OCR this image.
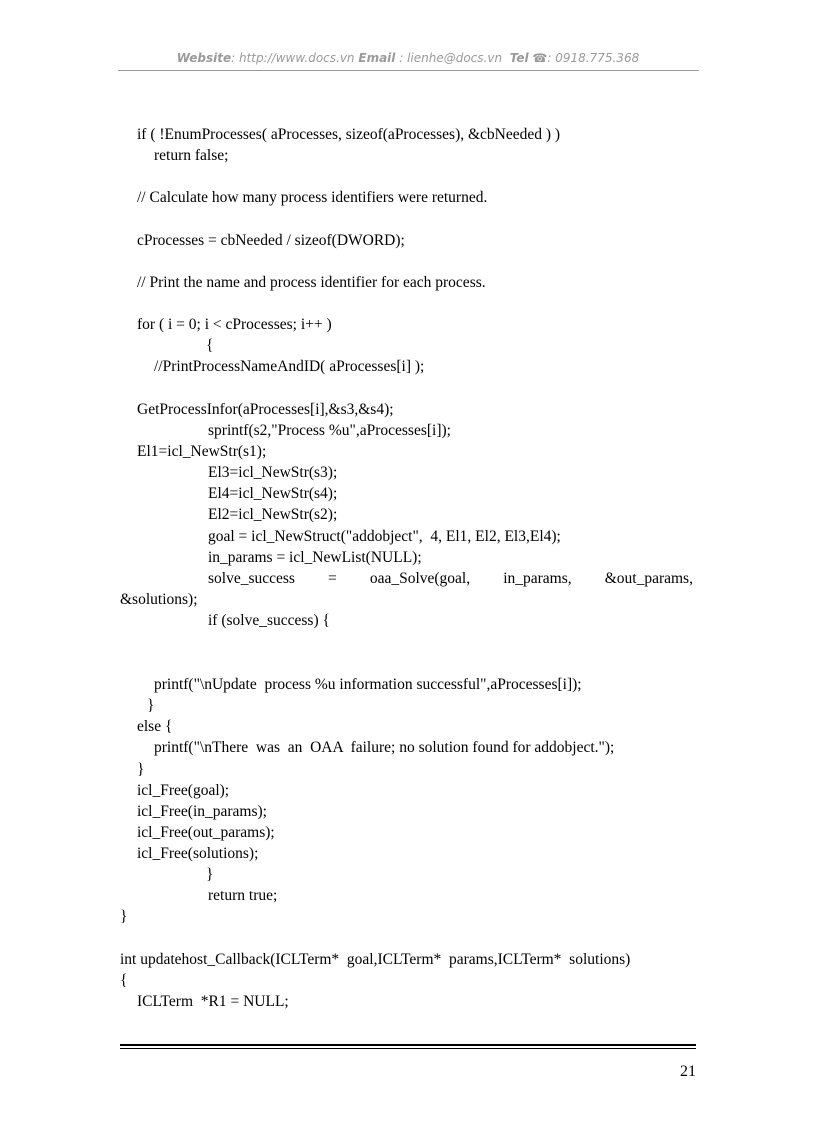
Website: http://www.docs.vn Email : lienhe@docs.vn Tel ☎: 0918.775.368
if ( !EnumProcesses( aProcesses, sizeof(aProcesses), &cbNeeded ) )
return false;
// Calculate how many process identifiers were returned.
cProcesses = cbNeeded / sizeof(DWORD);
// Print the name and process identifier for each process.
for ( i = 0; i < cProcesses; i++ )
{
//PrintProcessNameAndID( aProcesses[i] );
GetProcessInfor(aProcesses[i],&s3,&s4);
sprintf(s2,"Process %u",aProcesses[i]);
El1=icl_NewStr(s1);
El3=icl_NewStr(s3);
El4=icl_NewStr(s4);
El2=icl_NewStr(s2);
goal = icl_NewStruct("addobject",  4, El1, El2, El3,El4);
in_params = icl_NewList(NULL);
solve_success = oaa_Solve(goal, in_params, &out_params,
&solutions);
if (solve_success) {
printf("\nUpdate  process %u information successful",aProcesses[i]);
}
else {
printf("\nThere  was  an  OAA  failure; no solution found for addobject.");
}
icl_Free(goal);
icl_Free(in_params);
icl_Free(out_params);
icl_Free(solutions);
}
return true;
}
int updatehost_Callback(ICLTerm*  goal,ICLTerm*  params,ICLTerm*  solutions)
{
ICLTerm  *R1 = NULL;
21
